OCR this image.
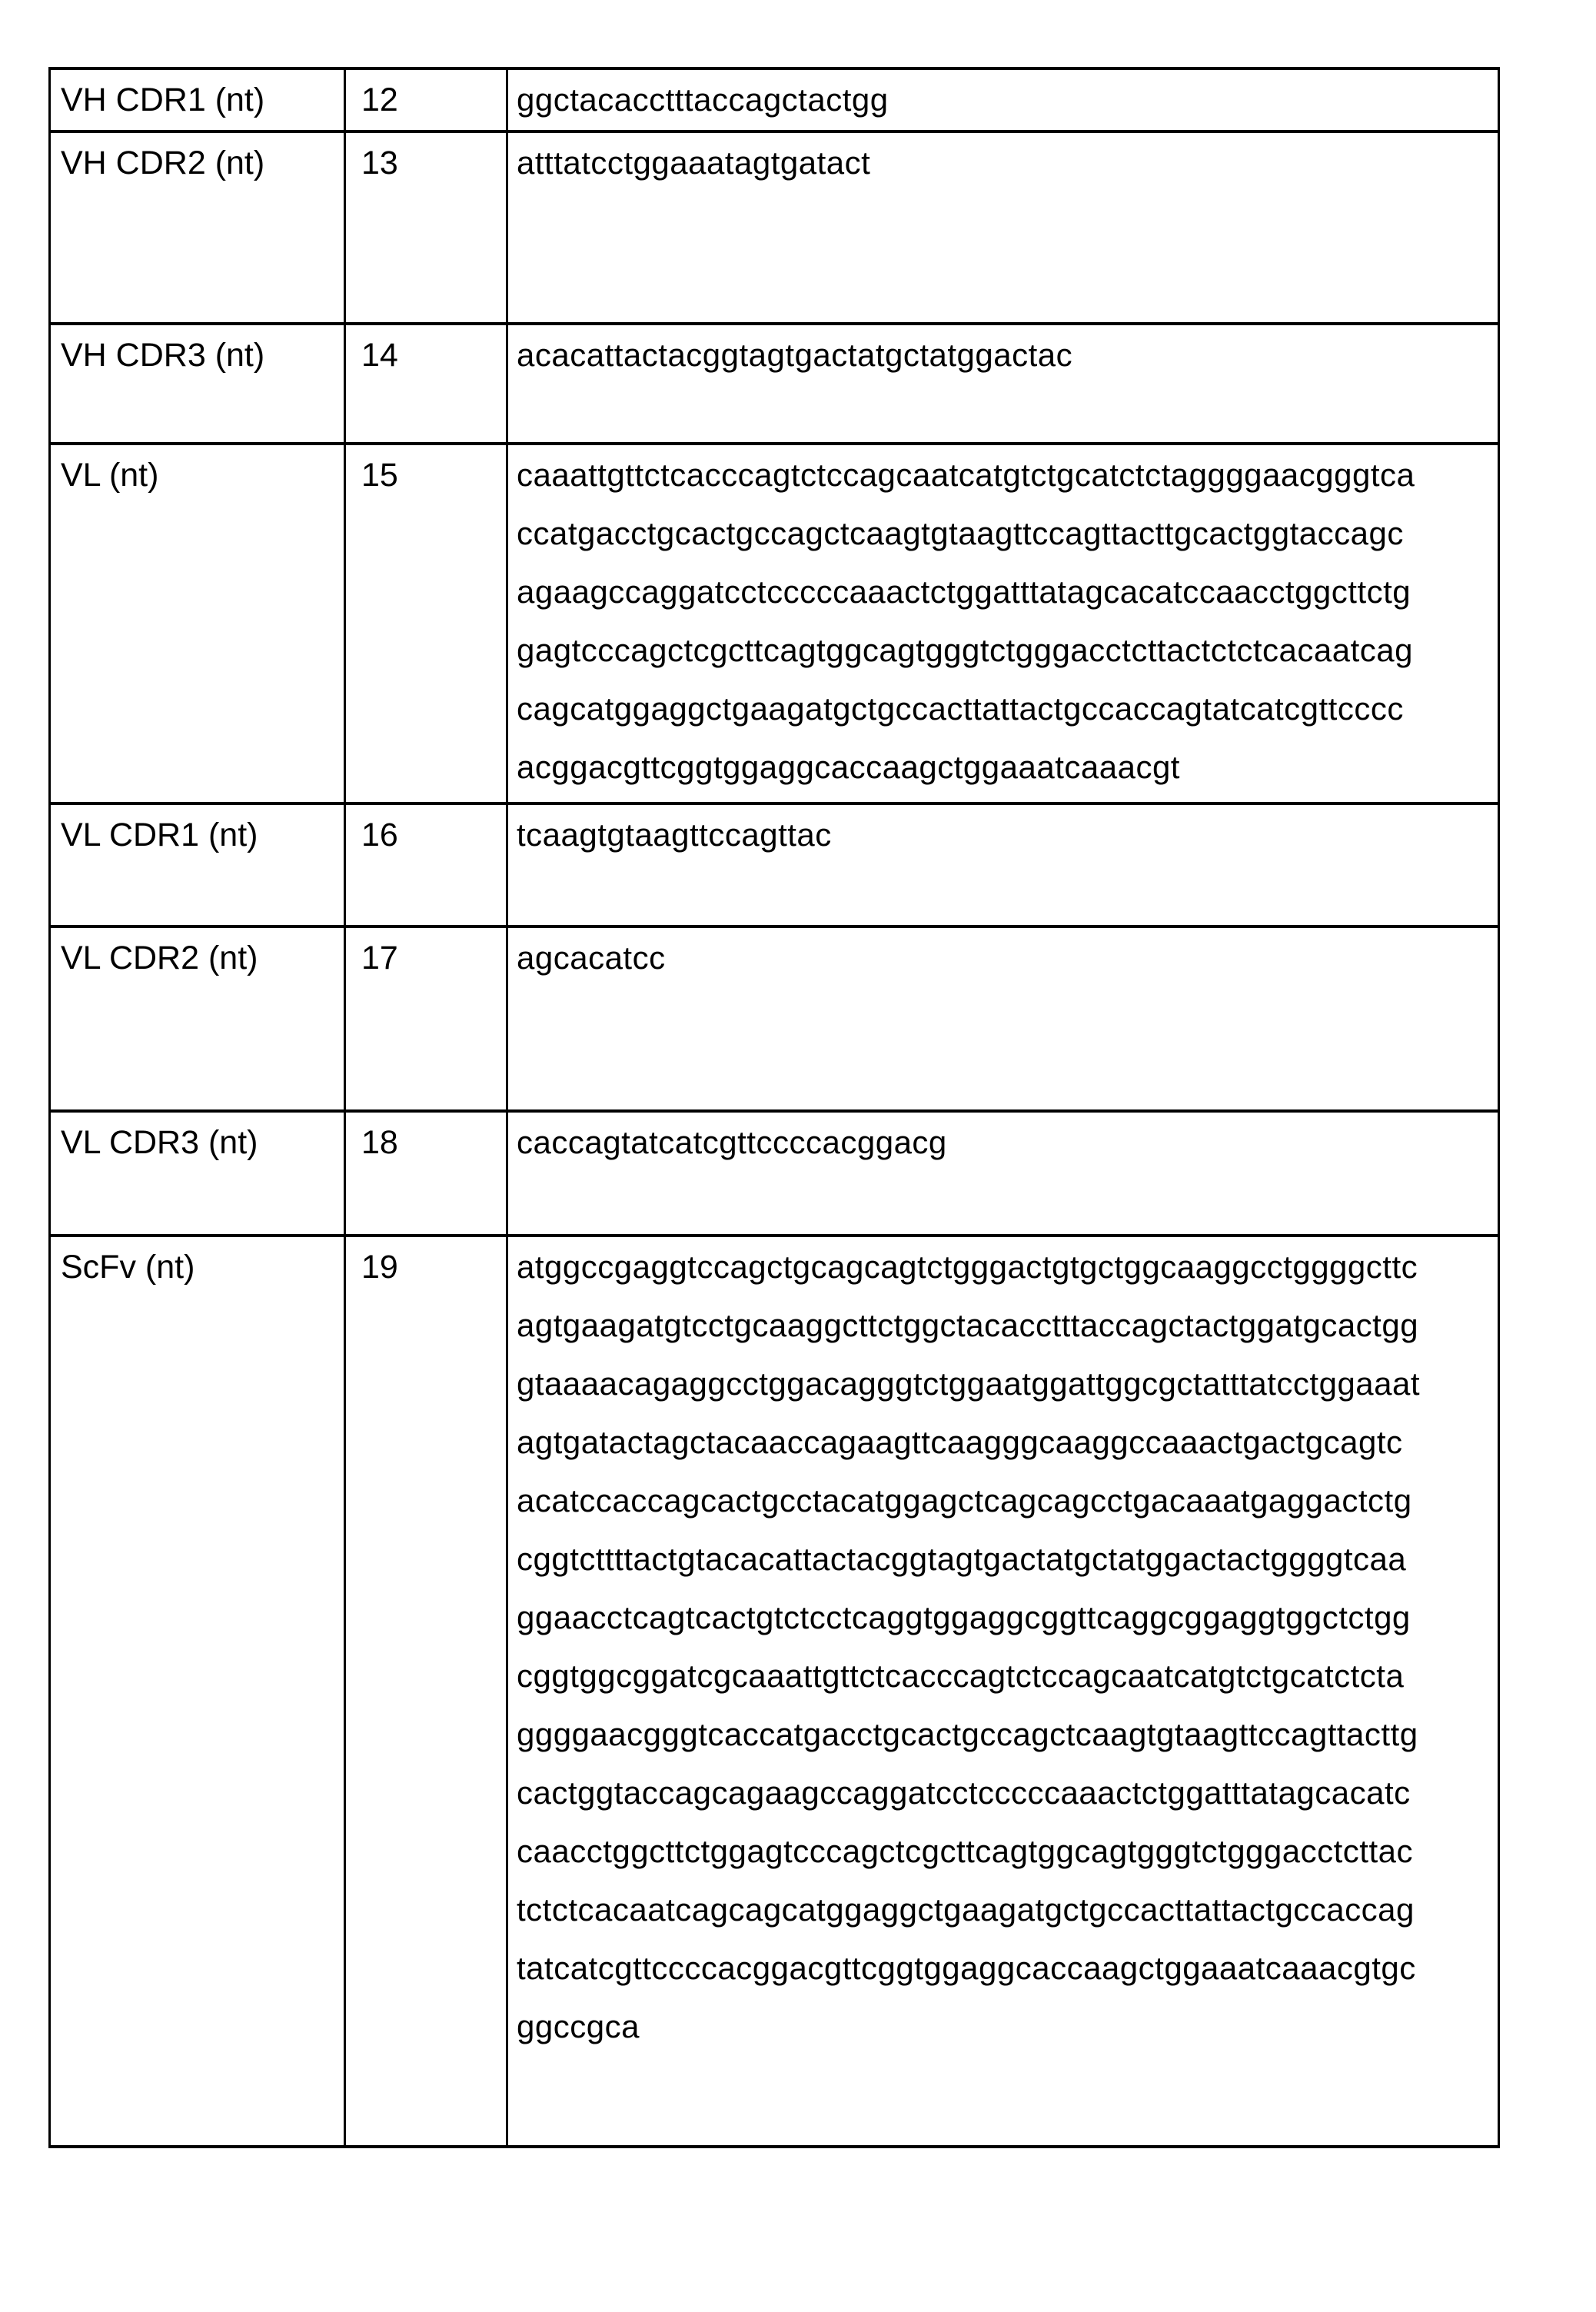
VH CDR1 (nt)	12	ggctacacctttaccagctactgg
VH CDR2 (nt)	13	atttatcctggaaatagtgatact
VH CDR3 (nt)	14	acacattactacggtagtgactatgctatggactac
VL (nt)	15	caaattgttctcacccagtctccagcaatcatgtctgcatctctaggggaacgggtca
ccatgacctgcactgccagctcaagtgtaagttccagttacttgcactggtaccagc
agaagccaggatcctcccccaaactctggatttatagcacatccaacctggcttctg
gagtcccagctcgcttcagtggcagtgggtctgggacctcttactctctcacaatcag
cagcatggaggctgaagatgctgccacttattactgccaccagtatcatcgttcccc
acggacgttcggtggaggcaccaagctggaaatcaaacgt
VL CDR1 (nt)	16	tcaagtgtaagttccagttac
VL CDR2 (nt)	17	agcacatcc
VL CDR3 (nt)	18	caccagtatcatcgttccccacggacg
ScFv (nt)	19	atggccgaggtccagctgcagcagtctgggactgtgctggcaaggcctggggcttc
agtgaagatgtcctgcaaggcttctggctacacctttaccagctactggatgcactgg
gtaaaacagaggcctggacagggtctggaatggattggcgctatttatcctggaaat
agtgatactagctacaaccagaagttcaagggcaaggccaaactgactgcagtc
acatccaccagcactgcctacatggagctcagcagcctgacaaatgaggactctg
cggtcttttactgtacacattactacggtagtgactatgctatggactactggggtcaa
ggaacctcagtcactgtctcctcaggtggaggcggttcaggcggaggtggctctgg
cggtggcggatcgcaaattgttctcacccagtctccagcaatcatgtctgcatctcta
ggggaacgggtcaccatgacctgcactgccagctcaagtgtaagttccagttacttg
cactggtaccagcagaagccaggatcctcccccaaactctggatttatagcacatc
caacctggcttctggagtcccagctcgcttcagtggcagtgggtctgggacctcttac
tctctcacaatcagcagcatggaggctgaagatgctgccacttattactgccaccag
tatcatcgttccccacggacgttcggtggaggcaccaagctggaaatcaaacgtgc
ggccgca
